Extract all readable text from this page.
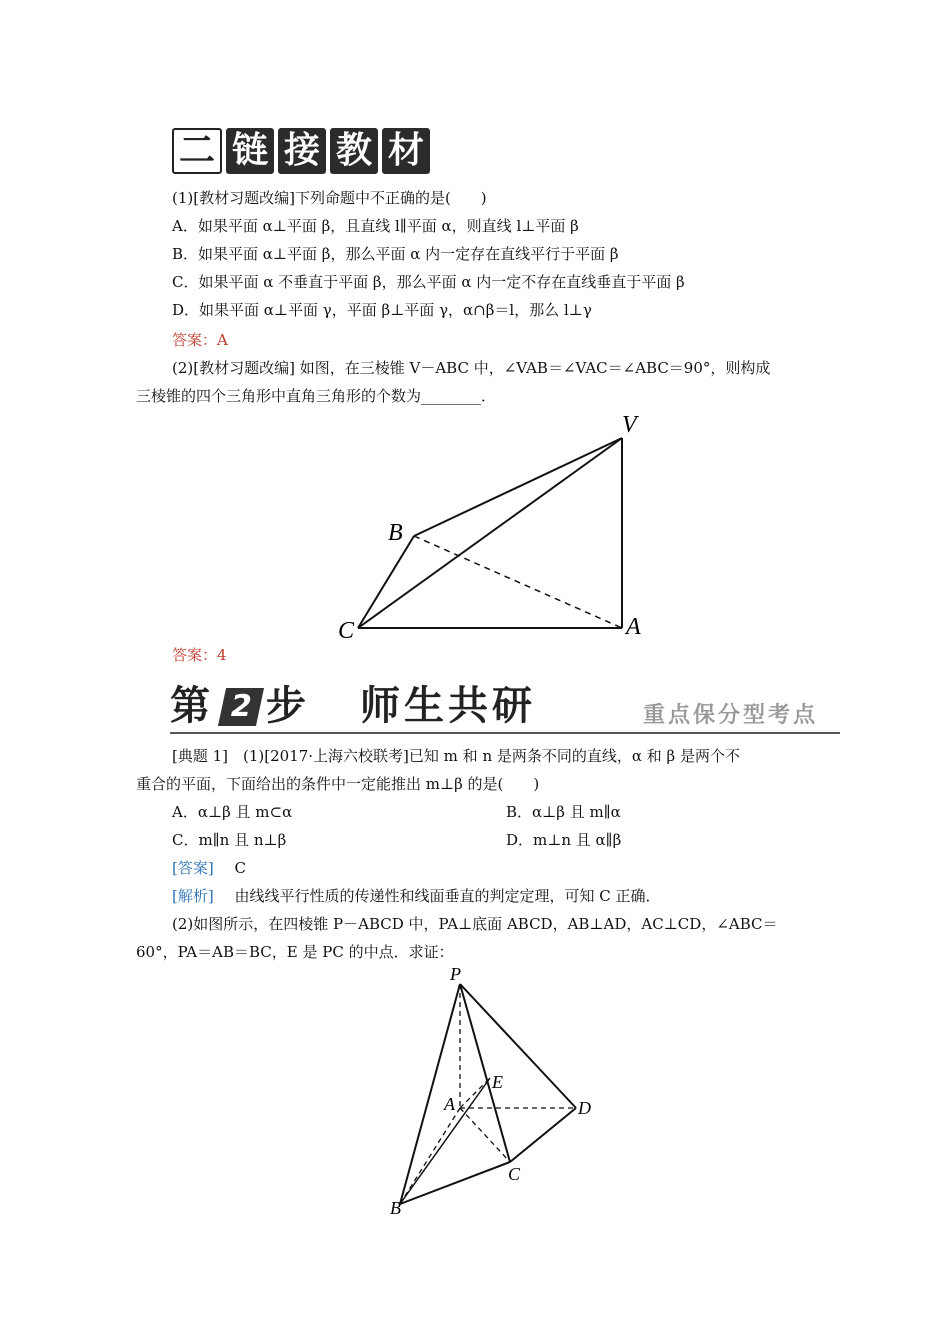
二 链 接 教 材
(1)[教材习题改编]下列命题中不正确的是(　　)
A．如果平面 α⊥平面 β，且直线 l∥平面 α，则直线 l⊥平面 β
B．如果平面 α⊥平面 β，那么平面 α 内一定存在直线平行于平面 β
C．如果平面 α 不垂直于平面 β，那么平面 α 内一定不存在直线垂直于平面 β
D．如果平面 α⊥平面 γ，平面 β⊥平面 γ，α∩β＝l，那么 l⊥γ
答案：A
(2)[教材习题改编] 如图，在三棱锥 V－ABC 中，∠VAB＝∠VAC＝∠ABC＝90°，则构成
三棱锥的四个三角形中直角三角形的个数为________．
V
B
C	A
答案：4
第 2 步 师生共研	重点保分型考点
[典题 1]　(1)[2017·上海六校联考]已知 m 和 n 是两条不同的直线，α 和 β 是两个不
重合的平面，下面给出的条件中一定能推出 m⊥β 的是(　　)
A．α⊥β 且 m⊂α	B．α⊥β 且 m∥α
C．m∥n 且 n⊥β	D．m⊥n 且 α∥β
[答案] C
[解析] 由线线平行性质的传递性和线面垂直的判定定理，可知 C 正确．
(2)如图所示，在四棱锥 P－ABCD 中，PA⊥底面 ABCD，AB⊥AD，AC⊥CD，∠ABC＝
60°，PA＝AB＝BC，E 是 PC 的中点．求证：
P
E
A	D
C
B
